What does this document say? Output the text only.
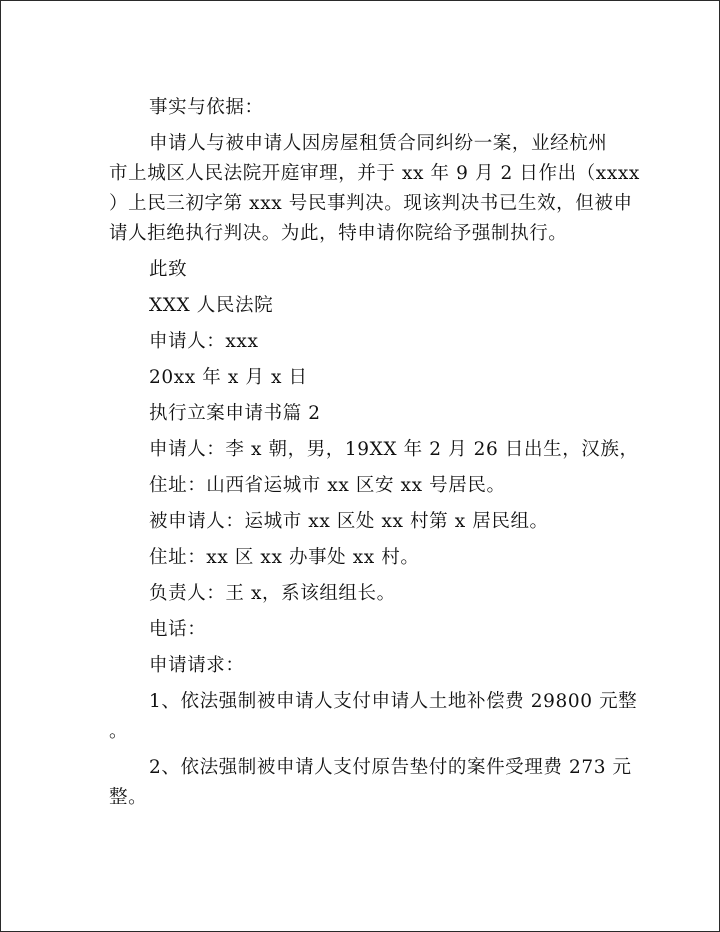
事实与依据：
申请人与被申请人因房屋租赁合同纠纷一案，业经杭州
市上城区人民法院开庭审理，并于 xx 年 9 月 2 日作出（xxxx
）上民三初字第 xxx 号民事判决。现该判决书已生效，但被申
请人拒绝执行判决。为此，特申请你院给予强制执行。
此致
XXX 人民法院
申请人：xxx
20xx 年 x 月 x 日
执行立案申请书篇 2
申请人：李 x 朝，男，19XX 年 2 月 26 日出生，汉族，
住址：山西省运城市 xx 区安 xx 号居民。
被申请人：运城市 xx 区处 xx 村第 x 居民组。
住址：xx 区 xx 办事处 xx 村。
负责人：王 x，系该组组长。
电话：
申请请求：
1、依法强制被申请人支付申请人土地补偿费 29800 元整
。
2、依法强制被申请人支付原告垫付的案件受理费 273 元
整。
